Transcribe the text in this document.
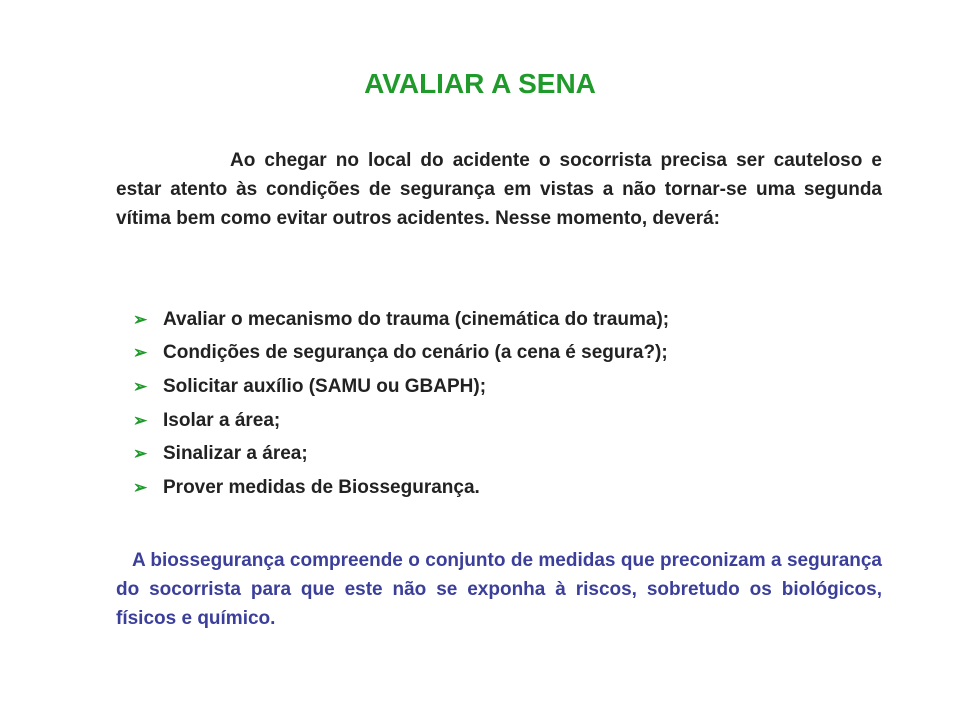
AVALIAR A SENA

Ao chegar no local do acidente o socorrista precisa ser cauteloso e estar atento às condições de segurança em vistas a não tornar-se uma segunda vítima bem como evitar outros acidentes. Nesse momento, deverá:

➢ Avaliar o mecanismo do trauma (cinemática do trauma);
➢ Condições de segurança do cenário (a cena é segura?);
➢ Solicitar auxílio (SAMU ou GBAPH);
➢ Isolar a área;
➢ Sinalizar a área;
➢ Prover medidas de Biossegurança.

A biossegurança compreende o conjunto de medidas que preconizam a segurança do socorrista para que este não se exponha à riscos, sobretudo os biológicos, físicos e químico.
